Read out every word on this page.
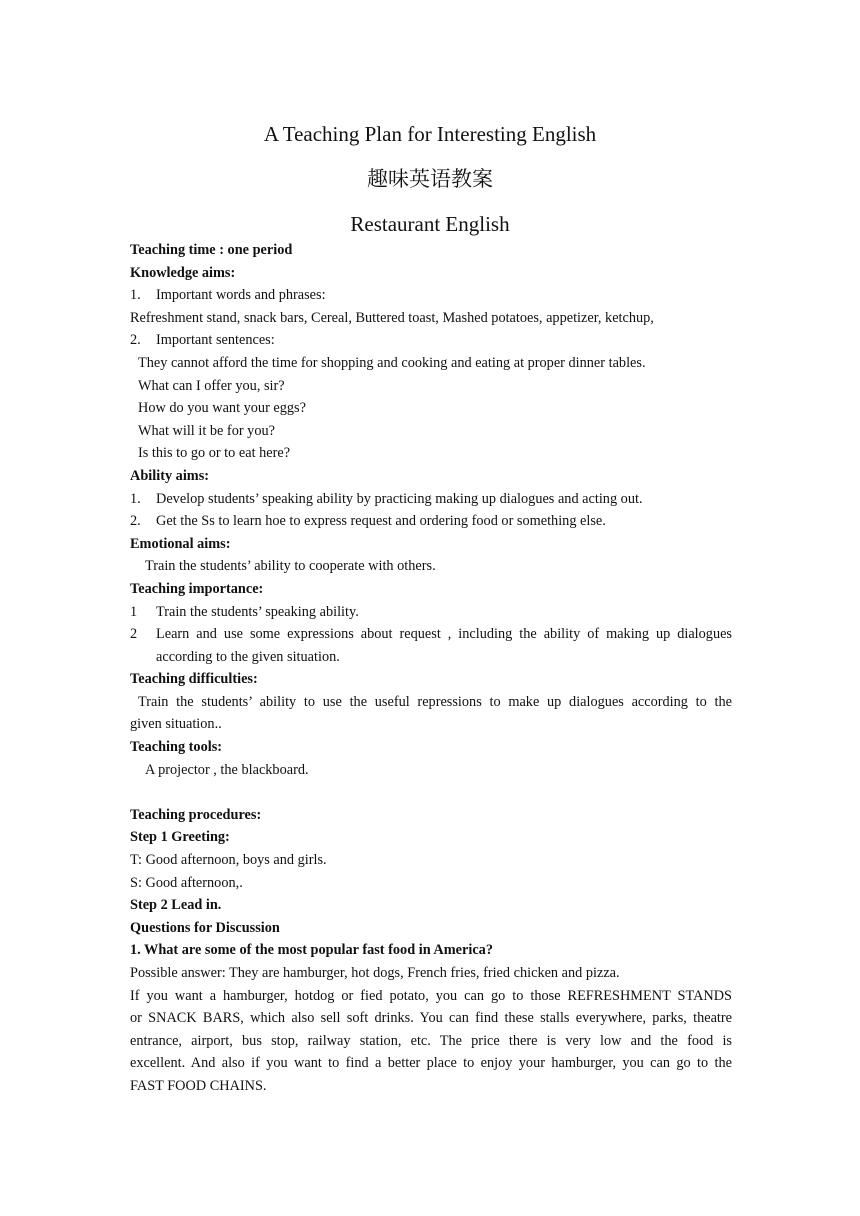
A Teaching Plan for Interesting English
趣味英语教案
Restaurant English
Teaching time : one period
Knowledge aims:
1.	Important words and phrases:
Refreshment stand, snack bars, Cereal, Buttered toast, Mashed potatoes, appetizer, ketchup,
2.	Important sentences:
They cannot afford the time for shopping and cooking and eating at proper dinner tables.
What can I offer you, sir?
How do you want your eggs?
What will it be for you?
Is this to go or to eat here?
Ability aims:
1.	Develop students’ speaking ability by practicing making up dialogues and acting out.
2.	Get the Ss to learn hoe to express request and ordering food or something else.
Emotional aims:
Train the students’ ability to cooperate with others.
Teaching importance:
1	Train the students’ speaking ability.
2	Learn and use some expressions about request , including the ability of making up dialogues
according to the given situation.
Teaching difficulties:
Train the students’ ability to use the useful repressions to make up dialogues according to the
given situation..
Teaching tools:
A projector , the blackboard.
Teaching procedures:
Step 1 Greeting:
T: Good afternoon, boys and girls.
S: Good afternoon,.
Step 2 Lead in.
Questions for Discussion
1. What are some of the most popular fast food in America?
Possible answer: They are hamburger, hot dogs, French fries, fried chicken and pizza.
If you want a hamburger, hotdog or fied potato, you can go to those REFRESHMENT STANDS
or SNACK BARS, which also sell soft drinks. You can find these stalls everywhere, parks, theatre
entrance, airport, bus stop, railway station, etc. The price there is very low and the food is
excellent. And also if you want to find a better place to enjoy your hamburger, you can go to the
FAST FOOD CHAINS.
